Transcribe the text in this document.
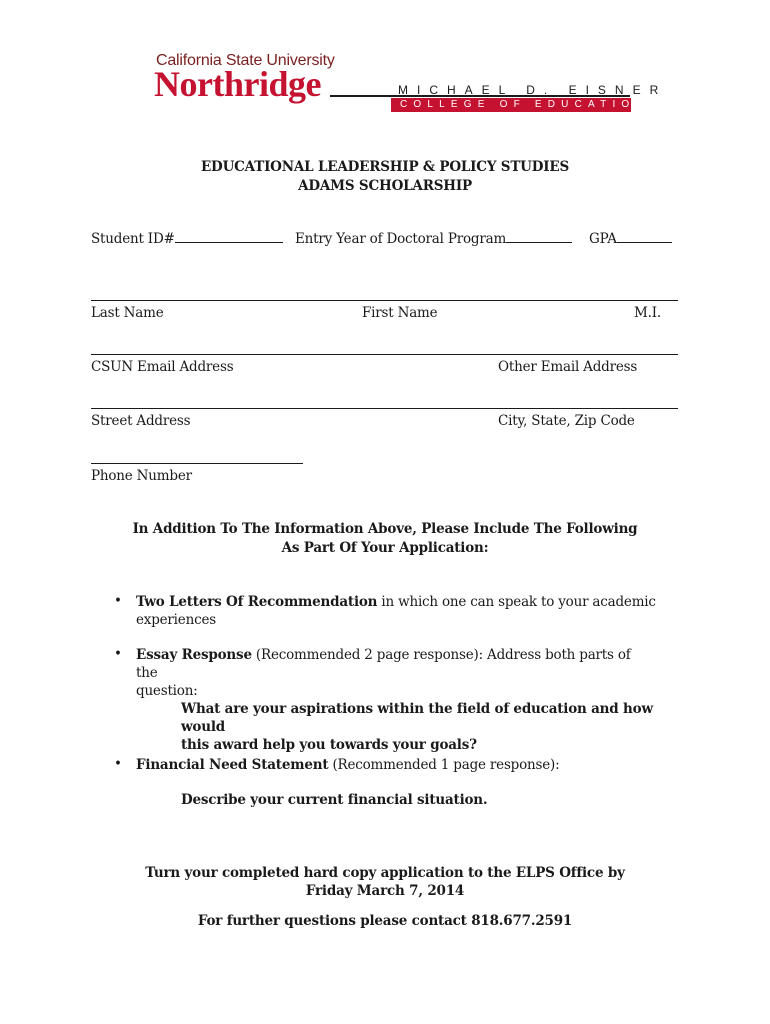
California State University
Northridge	MICHAEL D. EISNER
COLLEGE OF EDUCATION
EDUCATIONAL LEADERSHIP & POLICY STUDIES
ADAMS SCHOLARSHIP
Student ID#	Entry Year of Doctoral Program	GPA
Last Name	First Name	M.I.
CSUN Email Address	Other Email Address
Street Address	City, State, Zip Code
Phone Number
In Addition To The Information Above, Please Include The Following
As Part Of Your Application:
• Two Letters Of Recommendation in which one can speak to your academic
experiences
• Essay Response (Recommended 2 page response): Address both parts of the
question:
What are your aspirations within the field of education and how would
this award help you towards your goals?
• Financial Need Statement (Recommended 1 page response):
Describe your current financial situation.
Turn your completed hard copy application to the ELPS Office by
Friday March 7, 2014
For further questions please contact 818.677.2591
